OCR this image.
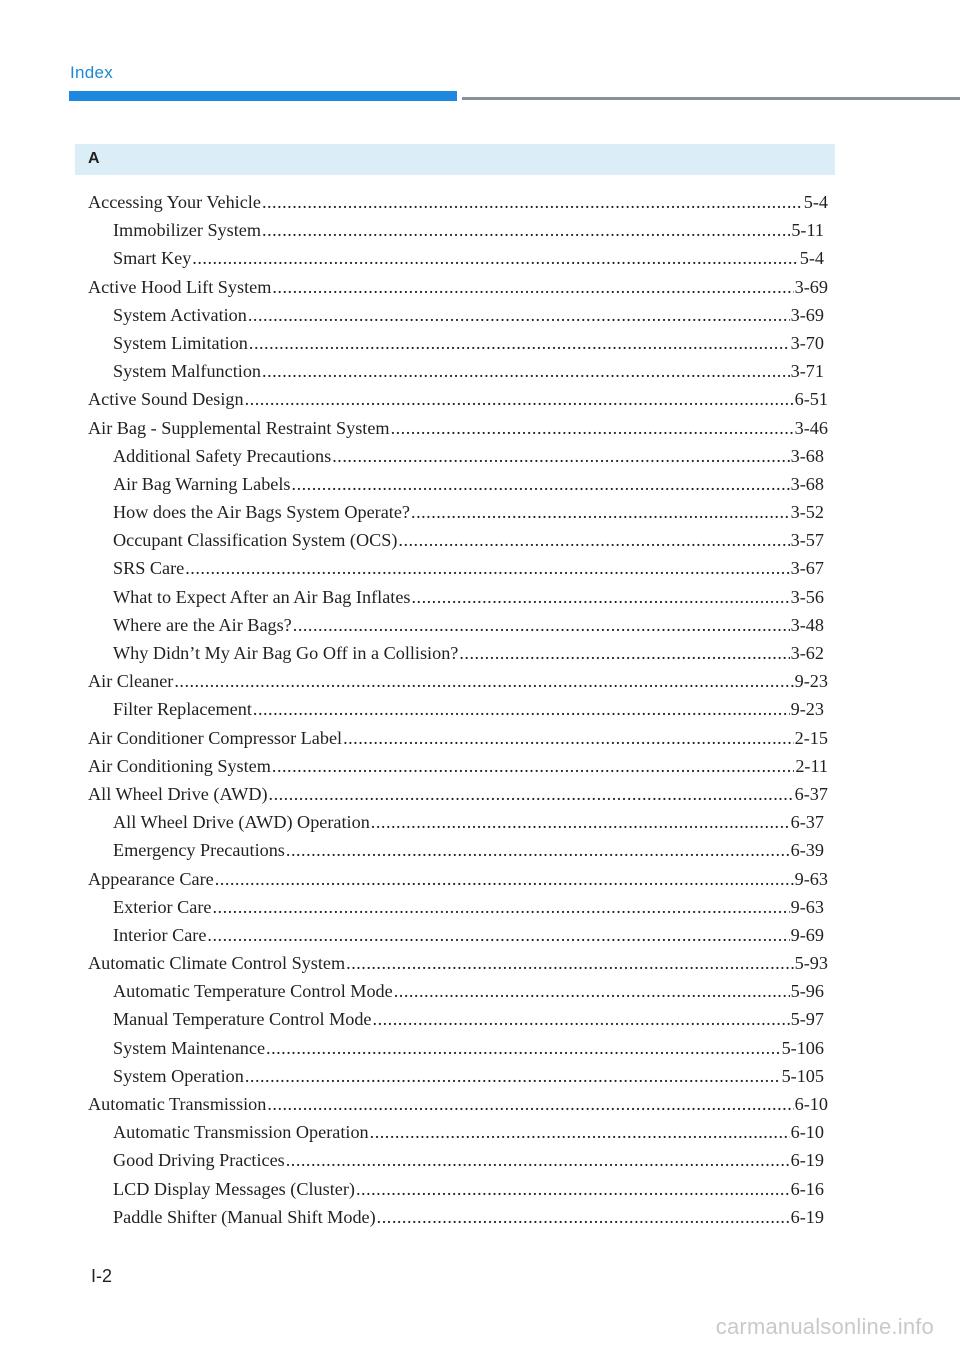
Index
A
Accessing Your Vehicle .....	5-4
Immobilizer System .....	5-11
Smart Key .....	5-4
Active Hood Lift System .....	3-69
System Activation .....	3-69
System Limitation .....	3-70
System Malfunction .....	3-71
Active Sound Design .....	6-51
Air Bag - Supplemental Restraint System .....	3-46
Additional Safety Precautions .....	3-68
Air Bag Warning Labels .....	3-68
How does the Air Bags System Operate? .....	3-52
Occupant Classification System (OCS) .....	3-57
SRS Care .....	3-67
What to Expect After an Air Bag Inflates .....	3-56
Where are the Air Bags? .....	3-48
Why Didn’t My Air Bag Go Off in a Collision? .....	3-62
Air Cleaner .....	9-23
Filter Replacement .....	9-23
Air Conditioner Compressor Label .....	2-15
Air Conditioning System .....	2-11
All Wheel Drive (AWD) .....	6-37
All Wheel Drive (AWD) Operation .....	6-37
Emergency Precautions .....	6-39
Appearance Care .....	9-63
Exterior Care .....	9-63
Interior Care .....	9-69
Automatic Climate Control System .....	5-93
Automatic Temperature Control Mode .....	5-96
Manual Temperature Control Mode .....	5-97
System Maintenance .....	5-106
System Operation .....	5-105
Automatic Transmission .....	6-10
Automatic Transmission Operation .....	6-10
Good Driving Practices .....	6-19
LCD Display Messages (Cluster) .....	6-16
Paddle Shifter (Manual Shift Mode) .....	6-19
I-2
carmanualsonline.info
